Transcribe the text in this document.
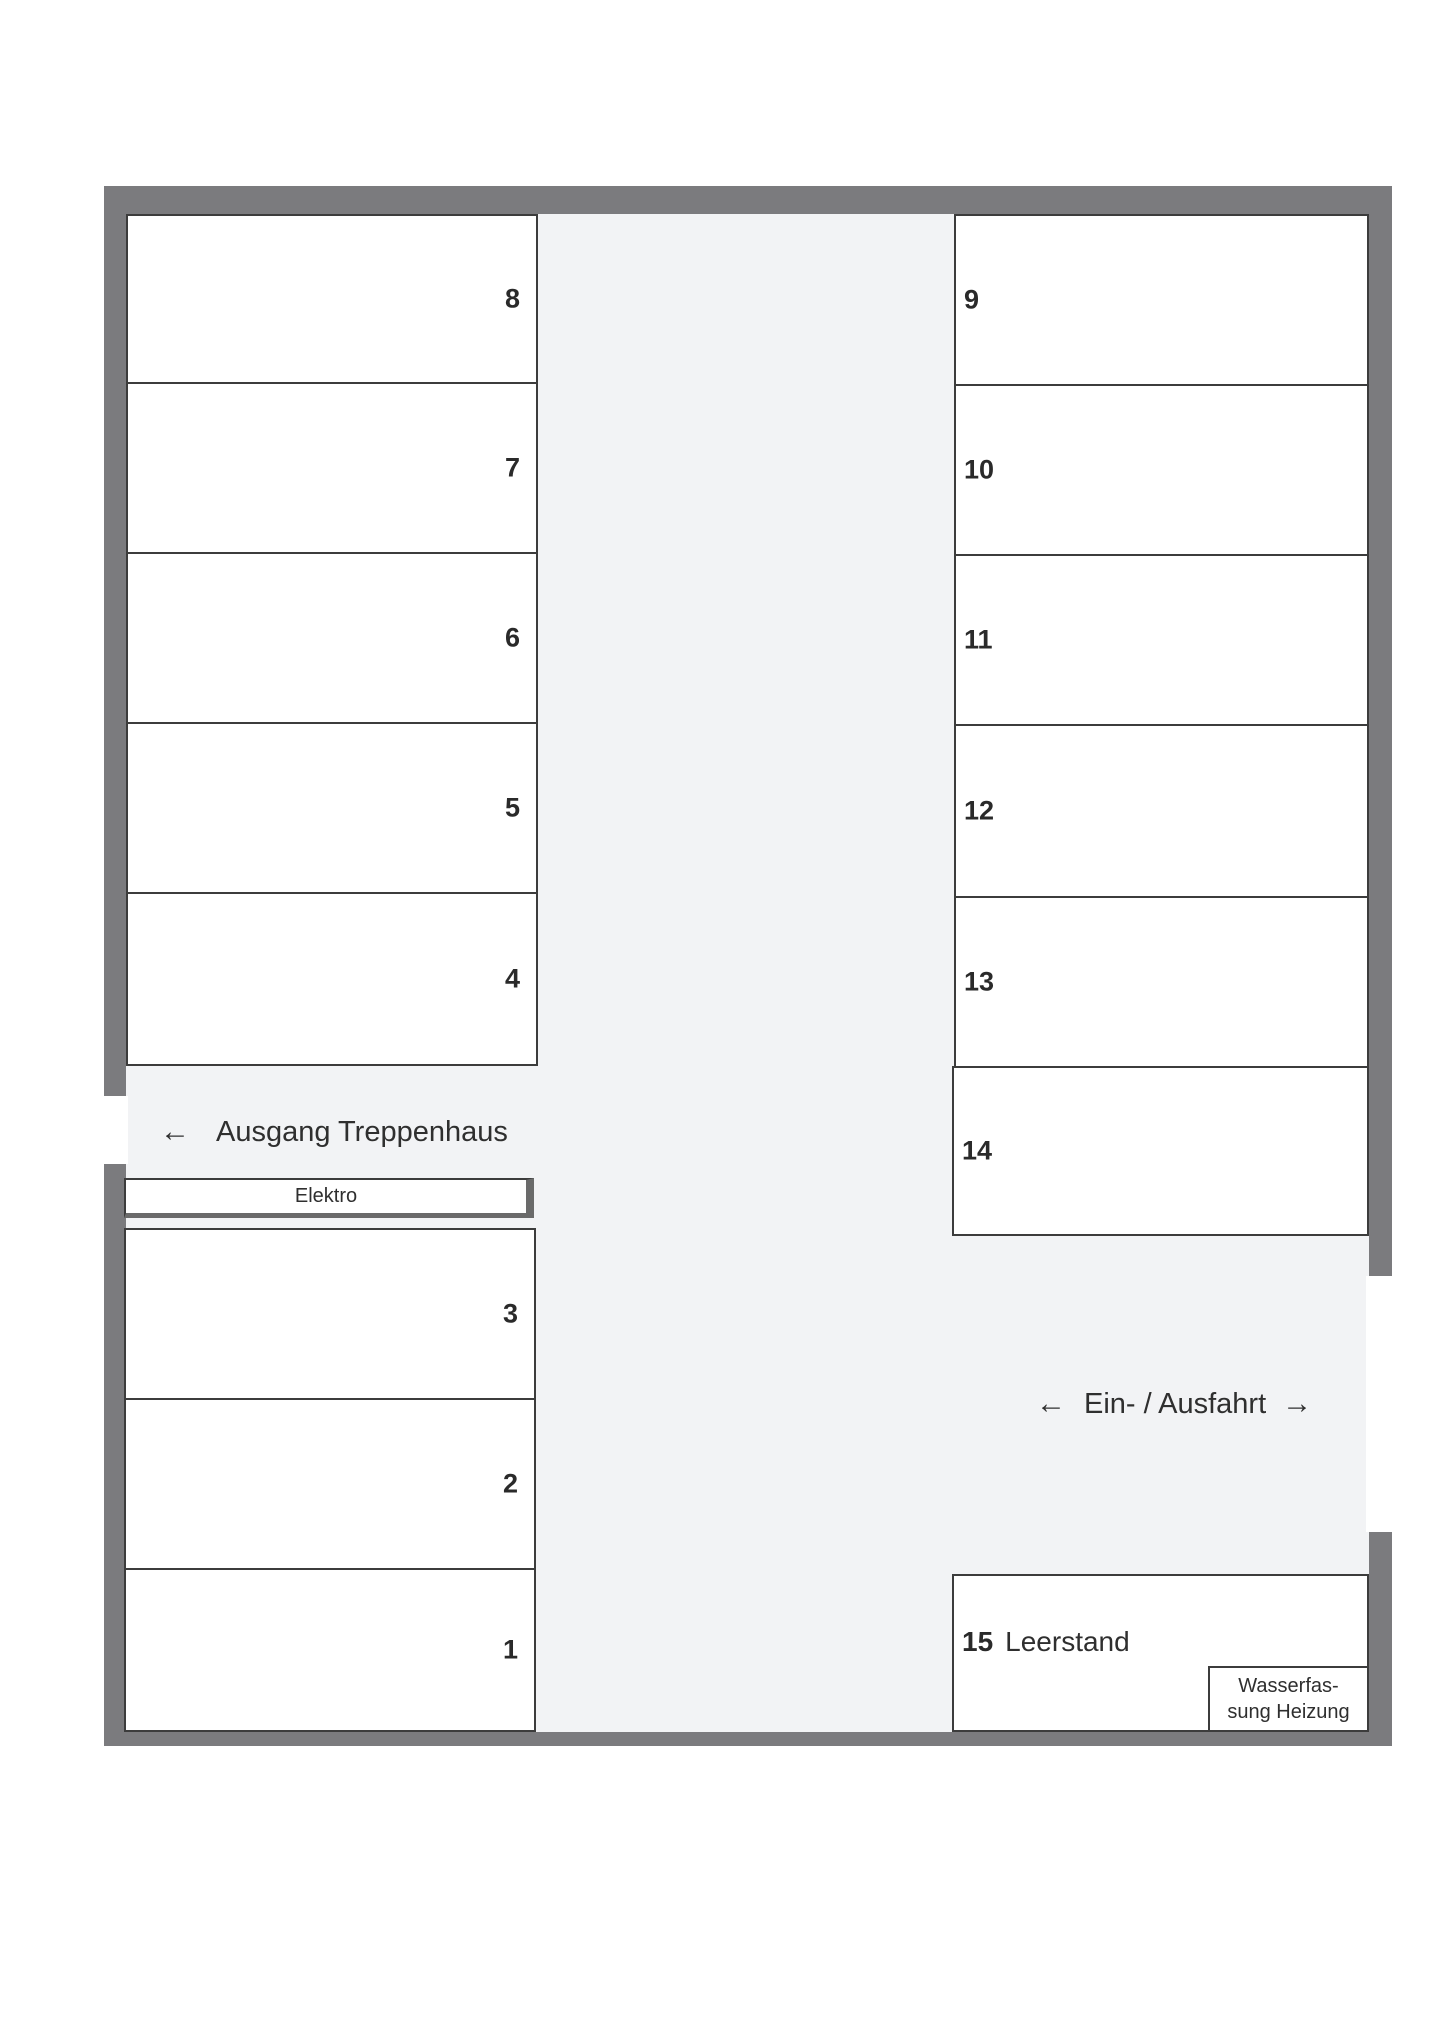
8
7
6
5
4
← Ausgang Treppenhaus
Elektro
3
2
1
9
10
11
12
13
14
← Ein- / Ausfahrt →
15 Leerstand
Wasserfas-
sung Heizung
